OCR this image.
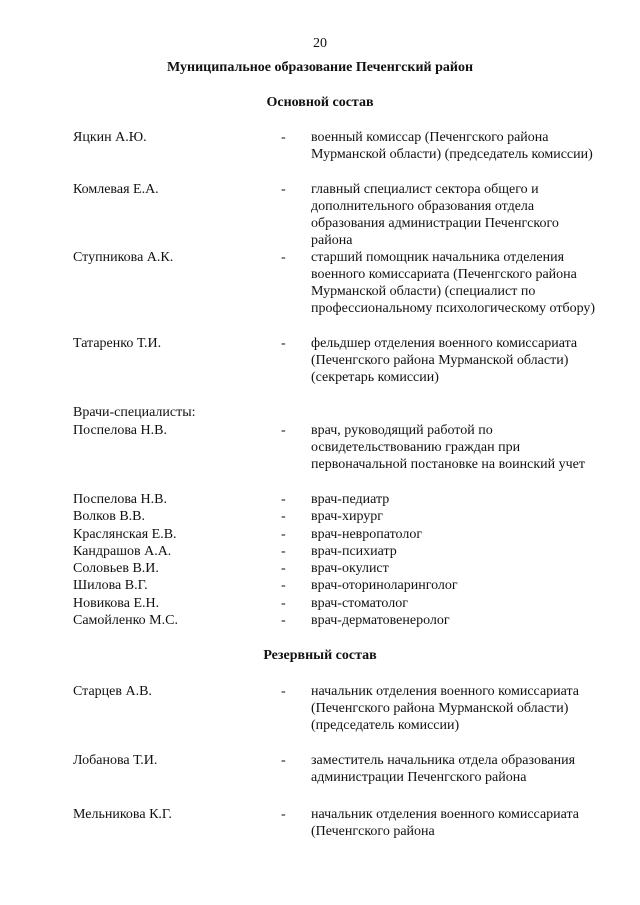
20
Муниципальное образование Печенгский район
Основной состав
Яцкин А.Ю.	- военный комиссар (Печенгского района Мурманской области) (председатель комиссии)
Комлевая Е.А.	- главный специалист сектора общего и дополнительного образования отдела образования администрации Печенгского района
Ступникова А.К.	- старший помощник начальника отделения военного комиссариата (Печенгского района Мурманской области) (специалист по профессиональному психологическому отбору)
Татаренко Т.И.	- фельдшер отделения военного комиссариата (Печенгского района Мурманской области) (секретарь комиссии)
Врачи-специалисты:
Поспелова Н.В.	- врач, руководящий работой по освидетельствованию граждан при первоначальной постановке на воинский учет
Поспелова Н.В.	- врач-педиатр
Волков В.В.	- врач-хирург
Краслянская Е.В.	- врач-невропатолог
Кандрашов А.А.	- врач-психиатр
Соловьев В.И.	- врач-окулист
Шилова В.Г.	- врач-оториноларинголог
Новикова Е.Н.	- врач-стоматолог
Самойленко М.С.	- врач-дерматовенеролог
Резервный состав
Старцев А.В.	- начальник отделения военного комиссариата (Печенгского района Мурманской области) (председатель комиссии)
Лобанова Т.И.	- заместитель начальника отдела образования администрации Печенгского района
Мельникова К.Г.	- начальник отделения военного комиссариата (Печенгского района
